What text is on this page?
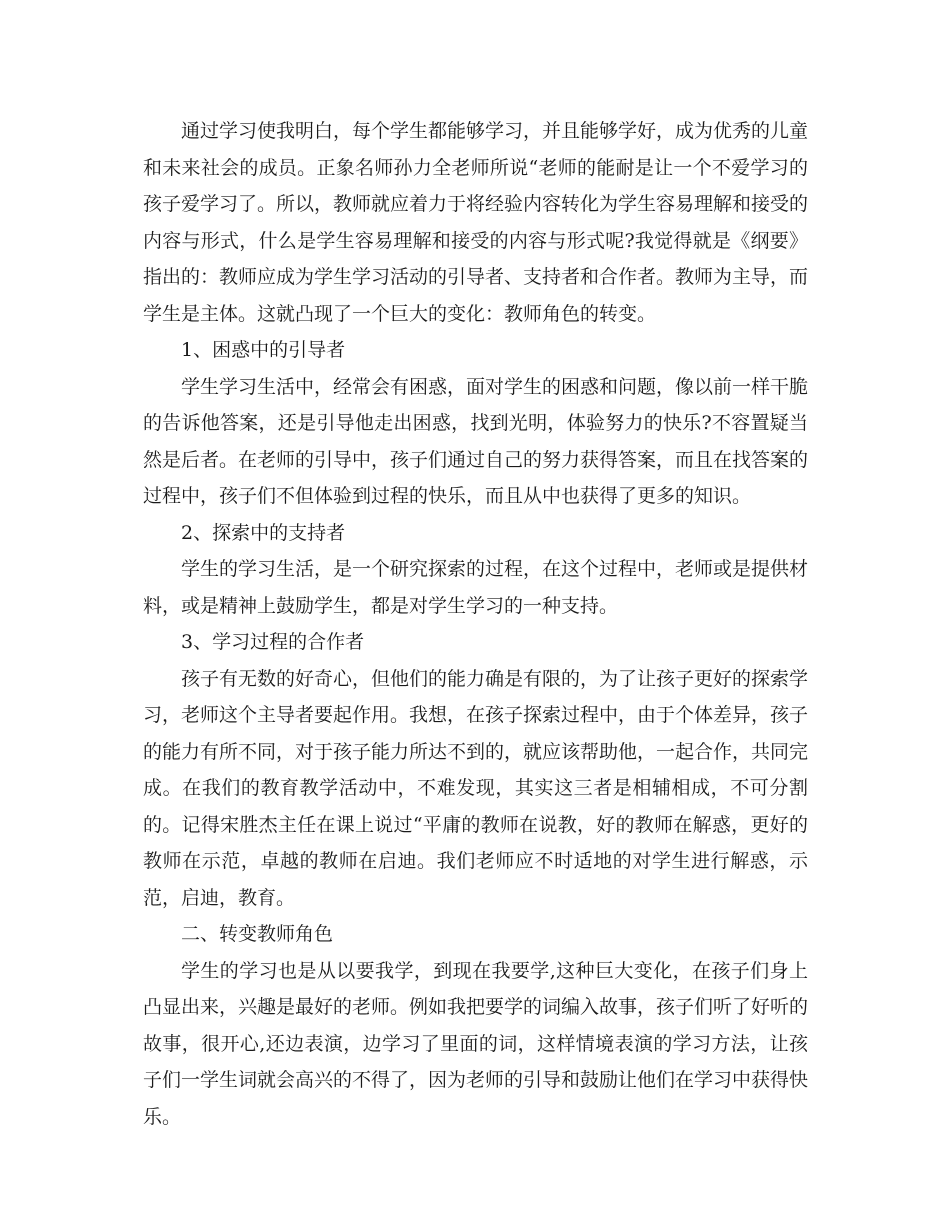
通过学习使我明白，每个学生都能够学习，并且能够学好，成为优秀的儿童和未来社会的成员。正象名师孙力全老师所说“老师的能耐是让一个不爱学习的孩子爱学习了。所以，教师就应着力于将经验内容转化为学生容易理解和接受的内容与形式，什么是学生容易理解和接受的内容与形式呢?我觉得就是《纲要》指出的：教师应成为学生学习活动的引导者、支持者和合作者。教师为主导，而学生是主体。这就凸现了一个巨大的变化：教师角色的转变。

1、困惑中的引导者

学生学习生活中，经常会有困惑，面对学生的困惑和问题，像以前一样干脆的告诉他答案，还是引导他走出困惑，找到光明，体验努力的快乐?不容置疑当然是后者。在老师的引导中，孩子们通过自己的努力获得答案，而且在找答案的过程中，孩子们不但体验到过程的快乐，而且从中也获得了更多的知识。

2、探索中的支持者

学生的学习生活，是一个研究探索的过程，在这个过程中，老师或是提供材料，或是精神上鼓励学生，都是对学生学习的一种支持。

3、学习过程的合作者

孩子有无数的好奇心，但他们的能力确是有限的，为了让孩子更好的探索学习，老师这个主导者要起作用。我想，在孩子探索过程中，由于个体差异，孩子的能力有所不同，对于孩子能力所达不到的，就应该帮助他，一起合作，共同完成。在我们的教育教学活动中，不难发现，其实这三者是相辅相成，不可分割的。记得宋胜杰主任在课上说过“平庸的教师在说教，好的教师在解惑，更好的教师在示范，卓越的教师在启迪。我们老师应不时适地的对学生进行解惑，示范，启迪，教育。

二、转变教师角色

学生的学习也是从以要我学，到现在我要学,这种巨大变化，在孩子们身上凸显出来，兴趣是最好的老师。例如我把要学的词编入故事，孩子们听了好听的故事，很开心,还边表演，边学习了里面的词，这样情境表演的学习方法，让孩子们一学生词就会高兴的不得了，因为老师的引导和鼓励让他们在学习中获得快乐。
